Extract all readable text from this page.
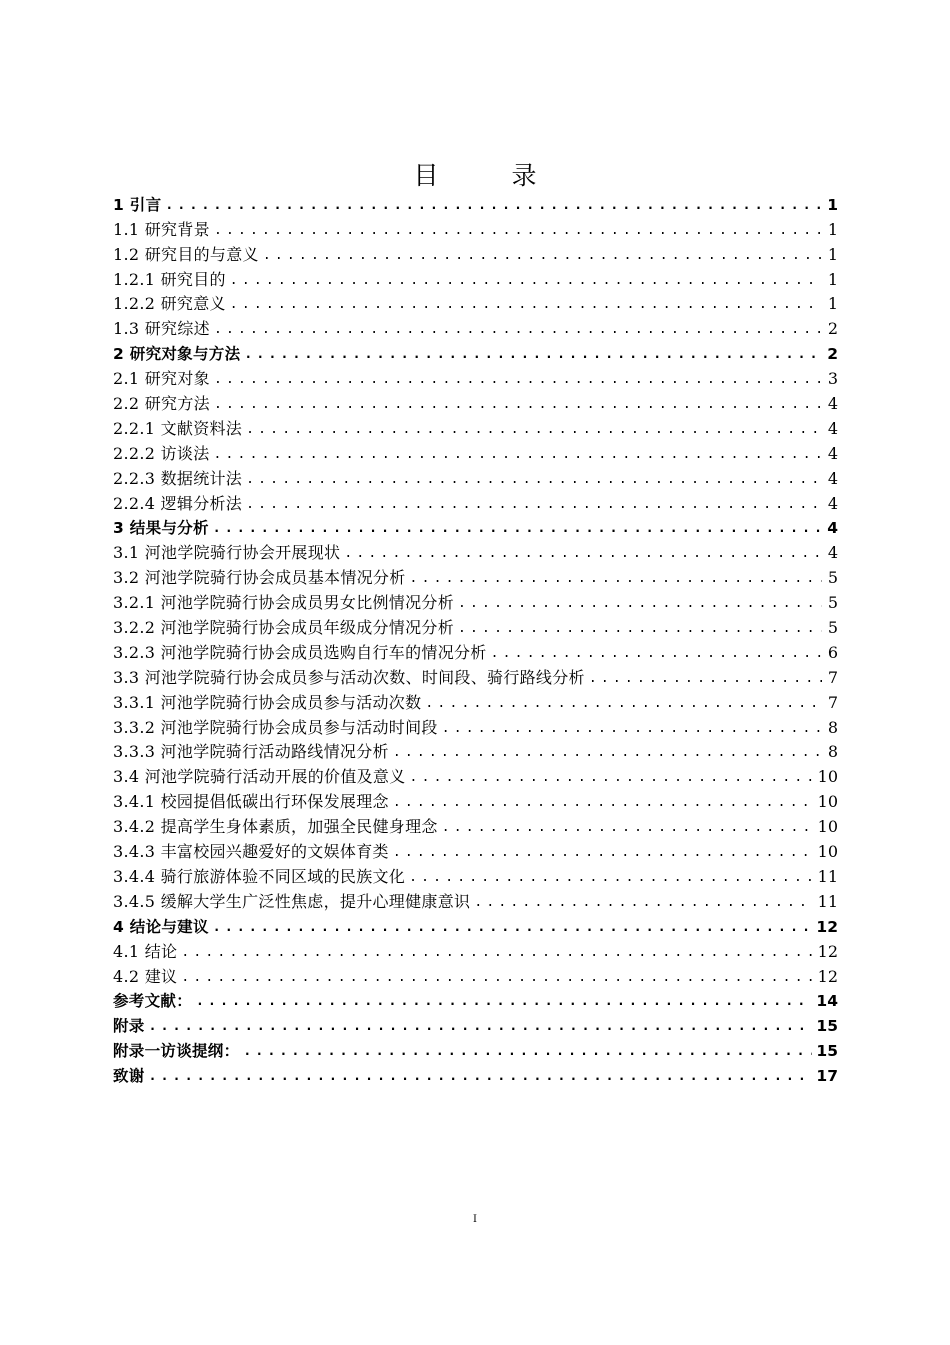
目　录
1 引言 .....	1
1.1 研究背景 .....	1
1.2 研究目的与意义 .....	1
1.2.1 研究目的 .....	1
1.2.2 研究意义 .....	1
1.3 研究综述 .....	2
2 研究对象与方法 .....	2
2.1 研究对象 .....	3
2.2 研究方法 .....	4
2.2.1 文献资料法 .....	4
2.2.2 访谈法 .....	4
2.2.3 数据统计法 .....	4
2.2.4 逻辑分析法 .....	4
3 结果与分析 .....	4
3.1 河池学院骑行协会开展现状 .....	4
3.2 河池学院骑行协会成员基本情况分析 .....	5
3.2.1 河池学院骑行协会成员男女比例情况分析 .....	5
3.2.2 河池学院骑行协会成员年级成分情况分析 .....	5
3.2.3 河池学院骑行协会成员选购自行车的情况分析 .....	6
3.3 河池学院骑行协会成员参与活动次数、时间段、骑行路线分析 .....	7
3.3.1 河池学院骑行协会成员参与活动次数 .....	7
3.3.2 河池学院骑行协会成员参与活动时间段 .....	8
3.3.3 河池学院骑行活动路线情况分析 .....	8
3.4 河池学院骑行活动开展的价值及意义 .....	10
3.4.1 校园提倡低碳出行环保发展理念 .....	10
3.4.2 提高学生身体素质，加强全民健身理念 .....	10
3.4.3 丰富校园兴趣爱好的文娱体育类 .....	10
3.4.4 骑行旅游体验不同区域的民族文化 .....	11
3.4.5 缓解大学生广泛性焦虑，提升心理健康意识 .....	11
4 结论与建议 .....	12
4.1 结论 .....	12
4.2 建议 .....	12
参考文献： .....	14
附录 .....	15
附录一访谈提纲： .....	15
致谢 .....	17
I
